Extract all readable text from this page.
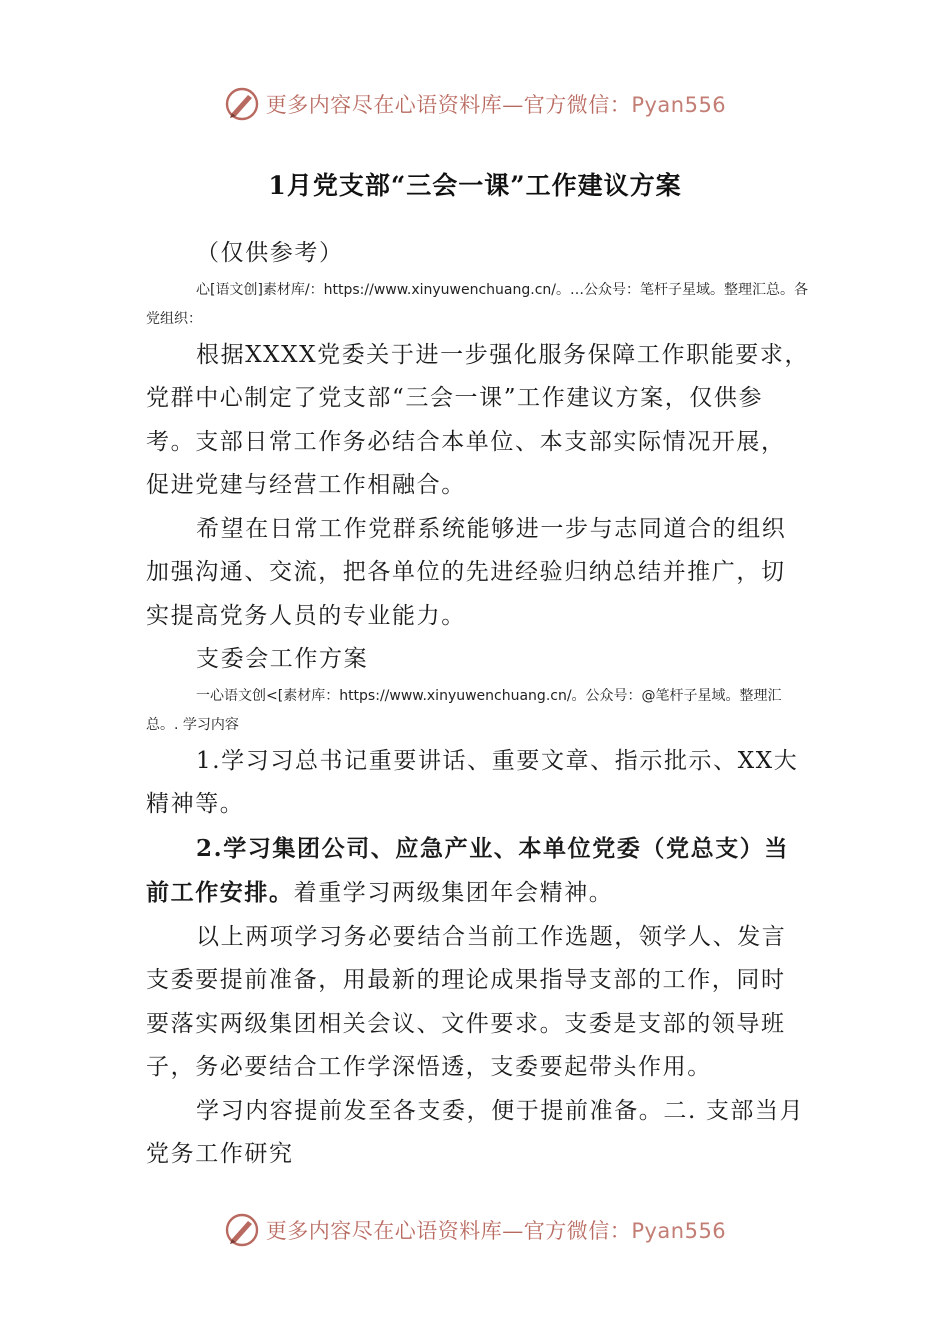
更多内容尽在心语资料库—官方微信：Pyan556
1月党支部“三会一课”工作建议方案

（仅供参考）

心[语文创]素材库/：https://www.xinyuwenchuang.cn/。…公众号：笔杆子星域。整理汇总。各党组织：

根据XXXX党委关于进一步强化服务保障工作职能要求，党群中心制定了党支部“三会一课”工作建议方案，仅供参考。支部日常工作务必结合本单位、本支部实际情况开展，促进党建与经营工作相融合。

希望在日常工作党群系统能够进一步与志同道合的组织加强沟通、交流，把各单位的先进经验归纳总结并推广，切实提高党务人员的专业能力。

支委会工作方案

一心语文创<[素材库：https://www.xinyuwenchuang.cn/。公众号：@笔杆子星域。整理汇总。. 学习内容

1.学习习总书记重要讲话、重要文章、指示批示、XX大精神等。

2.学习集团公司、应急产业、本单位党委（党总支）当前工作安排。着重学习两级集团年会精神。

以上两项学习务必要结合当前工作选题，领学人、发言支委要提前准备，用最新的理论成果指导支部的工作，同时要落实两级集团相关会议、文件要求。支委是支部的领导班子，务必要结合工作学深悟透，支委要起带头作用。

学习内容提前发至各支委，便于提前准备。二. 支部当月党务工作研究

更多内容尽在心语资料库—官方微信：Pyan556
